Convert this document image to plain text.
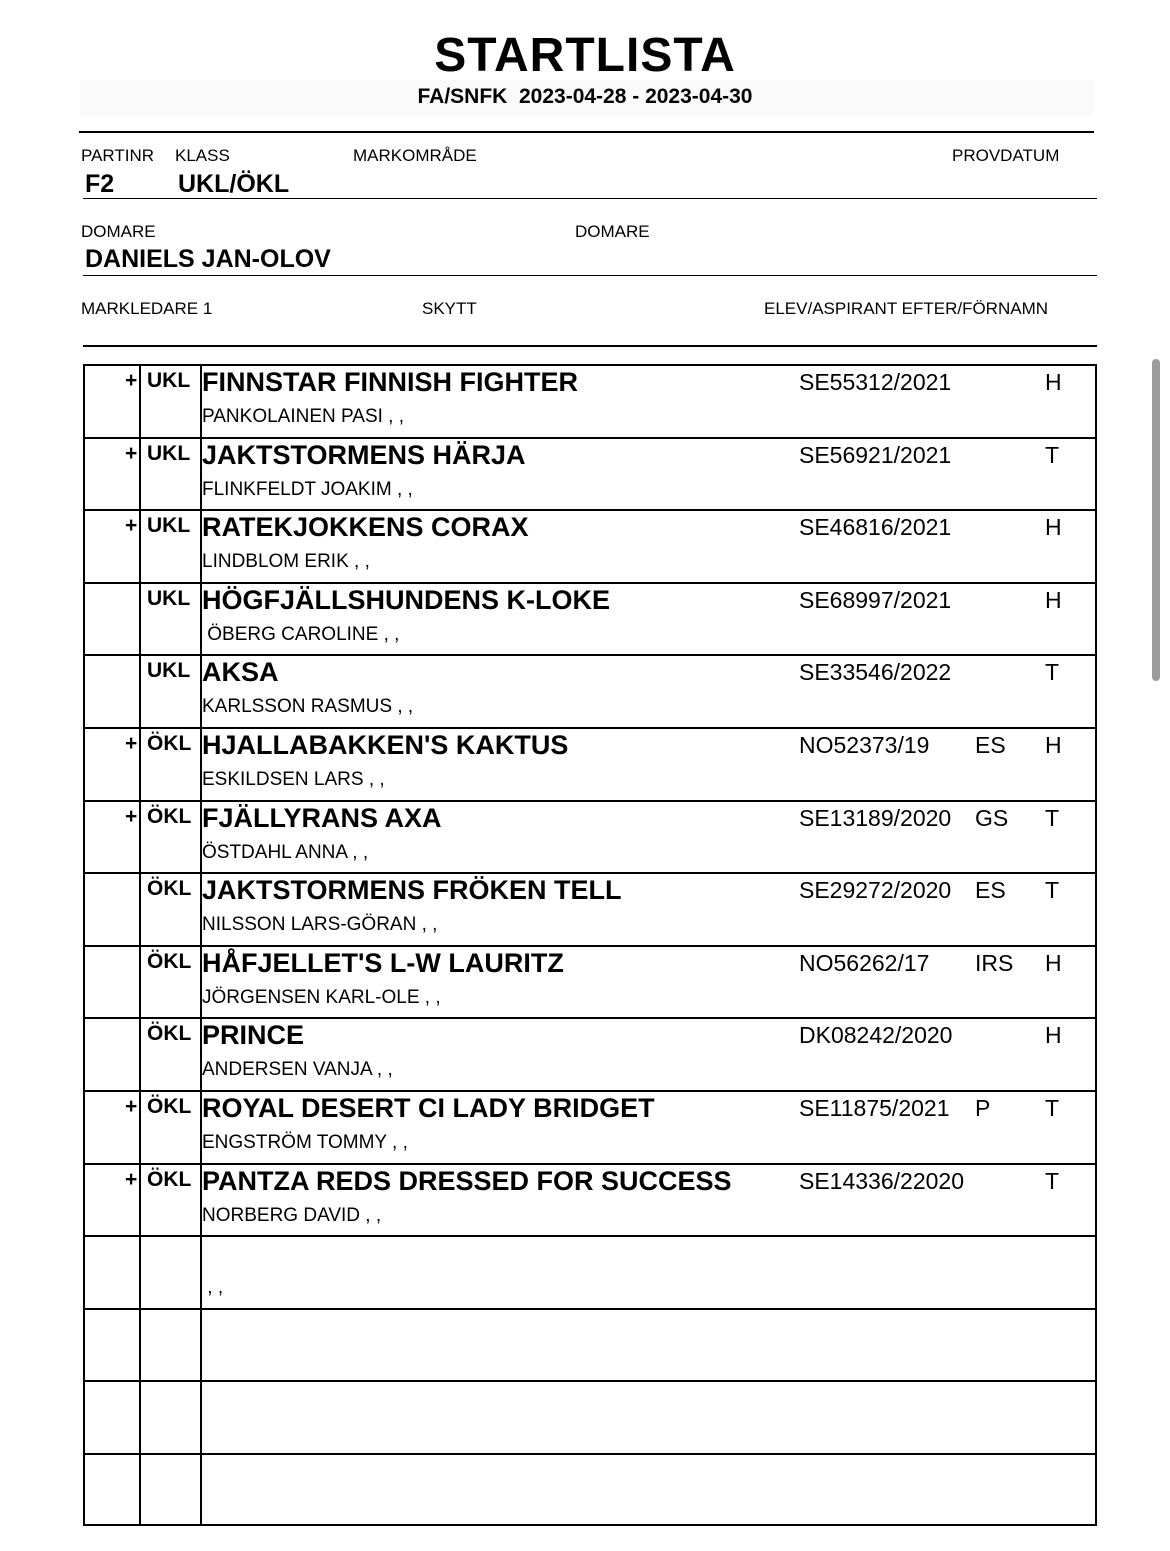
STARTLISTA
FA/SNFK  2023-04-28 - 2023-04-30
PARTINR KLASS	MARKOMRÅDE	PROVDATUM
F2	UKL/ÖKL
DOMARE	DOMARE
DANIELS JAN-OLOV
MARKLEDARE 1	SKYTT	ELEV/ASPIRANT EFTER/FÖRNAMN
+ UKL FINNSTAR FINNISH FIGHTER
PANKOLAINEN PASI , ,
SE55312/2021	H
+ UKL JAKTSTORMENS HÄRJA
FLINKFELDT JOAKIM , ,
SE56921/2021	T
+ UKL RATEKJOKKENS CORAX
LINDBLOM ERIK , ,
SE46816/2021	H
UKL HÖGFJÄLLSHUNDENS K-LOKE
ÖBERG CAROLINE , ,
SE68997/2021	H
UKL AKSA
KARLSSON RASMUS , ,
SE33546/2022	T
+ ÖKL HJALLABAKKEN'S KAKTUS
ESKILDSEN LARS , ,
NO52373/19 ES H
+ ÖKL FJÄLLYRANS AXA
ÖSTDAHL ANNA , ,
SE13189/2020 GS T
ÖKL JAKTSTORMENS FRÖKEN TELL
NILSSON LARS-GÖRAN , ,
SE29272/2020 ES T
ÖKL HÅFJELLET'S L-W LAURITZ
JÖRGENSEN KARL-OLE , ,
NO56262/17 IRS H
ÖKL PRINCE
ANDERSEN VANJA , ,
DK08242/2020	H
+ ÖKL ROYAL DESERT CI LADY BRIDGET
ENGSTRÖM TOMMY , ,
SE11875/2021 P T
+ ÖKL PANTZA REDS DRESSED FOR SUCCESS
NORBERG DAVID , ,
SE14336/22020	T
, ,
